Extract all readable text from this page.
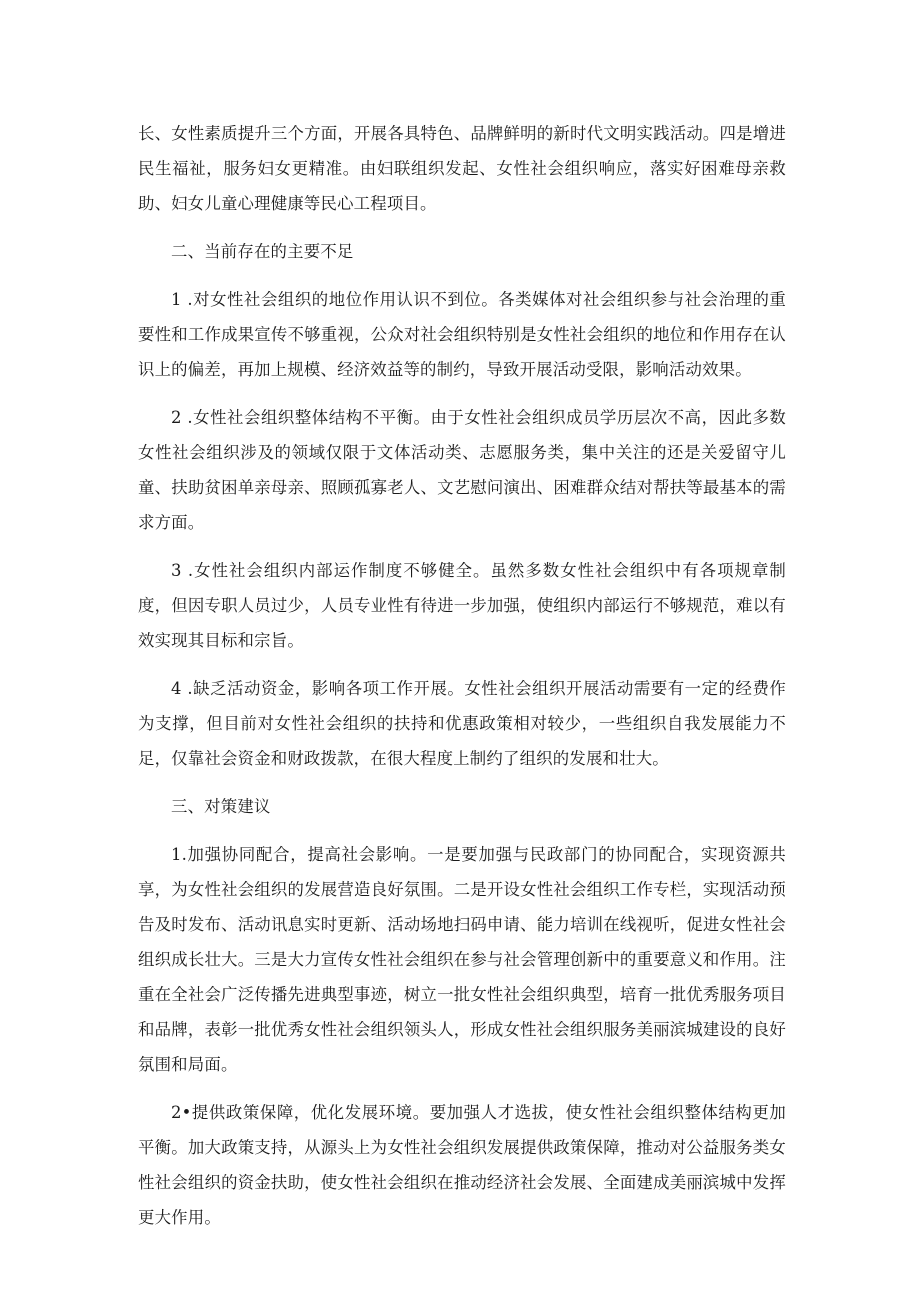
长、女性素质提升三个方面，开展各具特色、品牌鲜明的新时代文明实践活动。四是增进民生福祉，服务妇女更精准。由妇联组织发起、女性社会组织响应，落实好困难母亲救助、妇女儿童心理健康等民心工程项目。

二、当前存在的主要不足

1 .对女性社会组织的地位作用认识不到位。各类媒体对社会组织参与社会治理的重要性和工作成果宣传不够重视，公众对社会组织特别是女性社会组织的地位和作用存在认识上的偏差，再加上规模、经济效益等的制约，导致开展活动受限，影响活动效果。

2 .女性社会组织整体结构不平衡。由于女性社会组织成员学历层次不高，因此多数女性社会组织涉及的领域仅限于文体活动类、志愿服务类，集中关注的还是关爱留守儿童、扶助贫困单亲母亲、照顾孤寡老人、文艺慰问演出、困难群众结对帮扶等最基本的需求方面。

3 .女性社会组织内部运作制度不够健全。虽然多数女性社会组织中有各项规章制度，但因专职人员过少，人员专业性有待进一步加强，使组织内部运行不够规范，难以有效实现其目标和宗旨。

4 .缺乏活动资金，影响各项工作开展。女性社会组织开展活动需要有一定的经费作为支撑，但目前对女性社会组织的扶持和优惠政策相对较少，一些组织自我发展能力不足，仅靠社会资金和财政拨款，在很大程度上制约了组织的发展和壮大。

三、对策建议

1.加强协同配合，提高社会影响。一是要加强与民政部门的协同配合，实现资源共享，为女性社会组织的发展营造良好氛围。二是开设女性社会组织工作专栏，实现活动预告及时发布、活动讯息实时更新、活动场地扫码申请、能力培训在线视听，促进女性社会组织成长壮大。三是大力宣传女性社会组织在参与社会管理创新中的重要意义和作用。注重在全社会广泛传播先进典型事迹，树立一批女性社会组织典型，培育一批优秀服务项目和品牌，表彰一批优秀女性社会组织领头人，形成女性社会组织服务美丽滨城建设的良好氛围和局面。

2•提供政策保障，优化发展环境。要加强人才选拔，使女性社会组织整体结构更加平衡。加大政策支持，从源头上为女性社会组织发展提供政策保障，推动对公益服务类女性社会组织的资金扶助，使女性社会组织在推动经济社会发展、全面建成美丽滨城中发挥更大作用。
